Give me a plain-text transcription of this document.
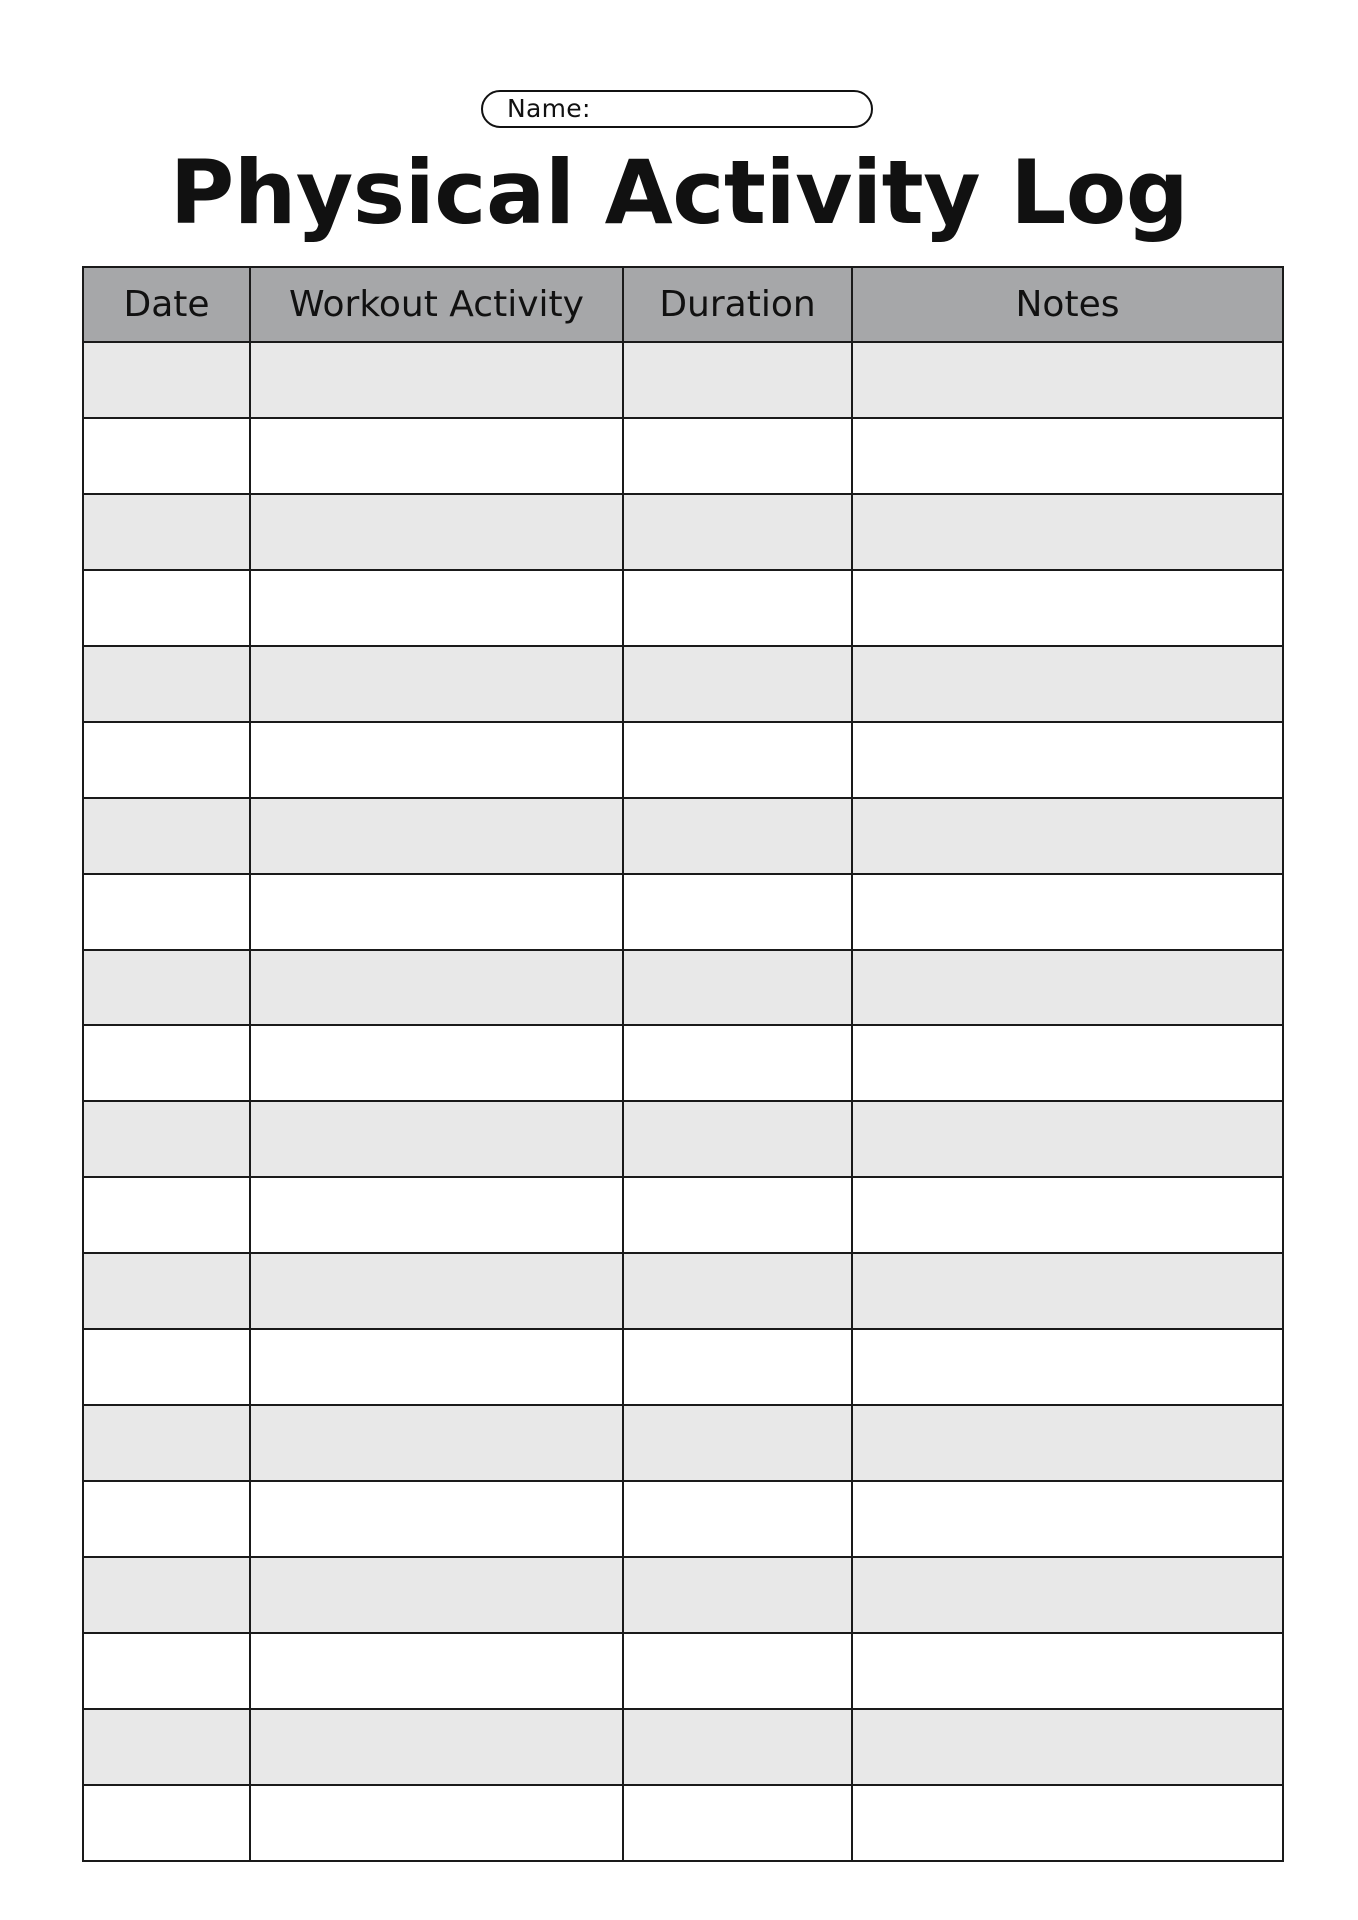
Name:
Physical Activity Log
Date	Workout Activity	Duration	Notes
